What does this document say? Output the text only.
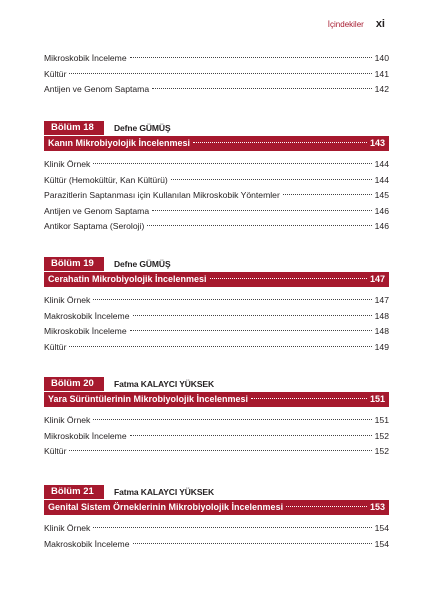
İçindekiler xi
Mikroskobik İnceleme	140
Kültür	141
Antijen ve Genom Saptama	142
Bölüm 18	Defne GÜMÜŞ
Kanın Mikrobiyolojik İncelenmesi	143
Klinik Örnek	144
Kültür (Hemokültür, Kan Kültürü)	144
Parazitlerin Saptanması için Kullanılan Mikroskobik Yöntemler	145
Antijen ve Genom Saptama	146
Antikor Saptama (Seroloji)	146
Bölüm 19	Defne GÜMÜŞ
Cerahatin Mikrobiyolojik İncelenmesi	147
Klinik Örnek	147
Makroskobik İnceleme	148
Mikroskobik İnceleme	148
Kültür	149
Bölüm 20	Fatma KALAYCI YÜKSEK
Yara Sürüntülerinin Mikrobiyolojik İncelenmesi	151
Klinik Örnek	151
Mikroskobik İnceleme	152
Kültür	152
Bölüm 21	Fatma KALAYCI YÜKSEK
Genital Sistem Örneklerinin Mikrobiyolojik İncelenmesi	153
Klinik Örnek	154
Makroskobik İnceleme	154
